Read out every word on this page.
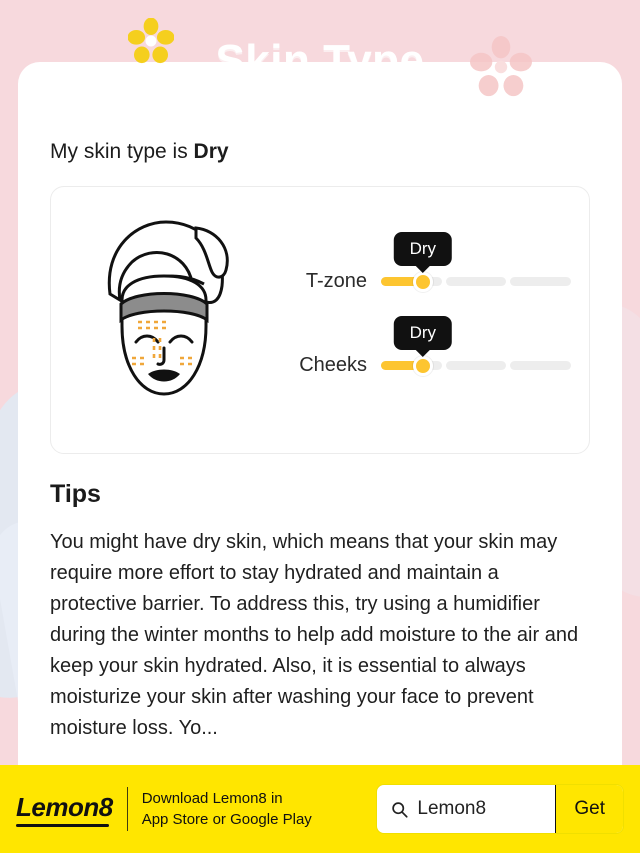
Skin Type
My skin type is Dry
T-zone
Dry
Cheeks
Dry
Tips
You might have dry skin, which means that your skin may require more effort to stay hydrated and maintain a protective barrier. To address this, try using a humidifier during the winter months to help add moisture to the air and keep your skin hydrated. Also, it is essential to always moisturize your skin after washing your face to prevent moisture loss. Yo...
Lemon8 Download Lemon8 in
App Store or Google Play
Lemon8	Get
